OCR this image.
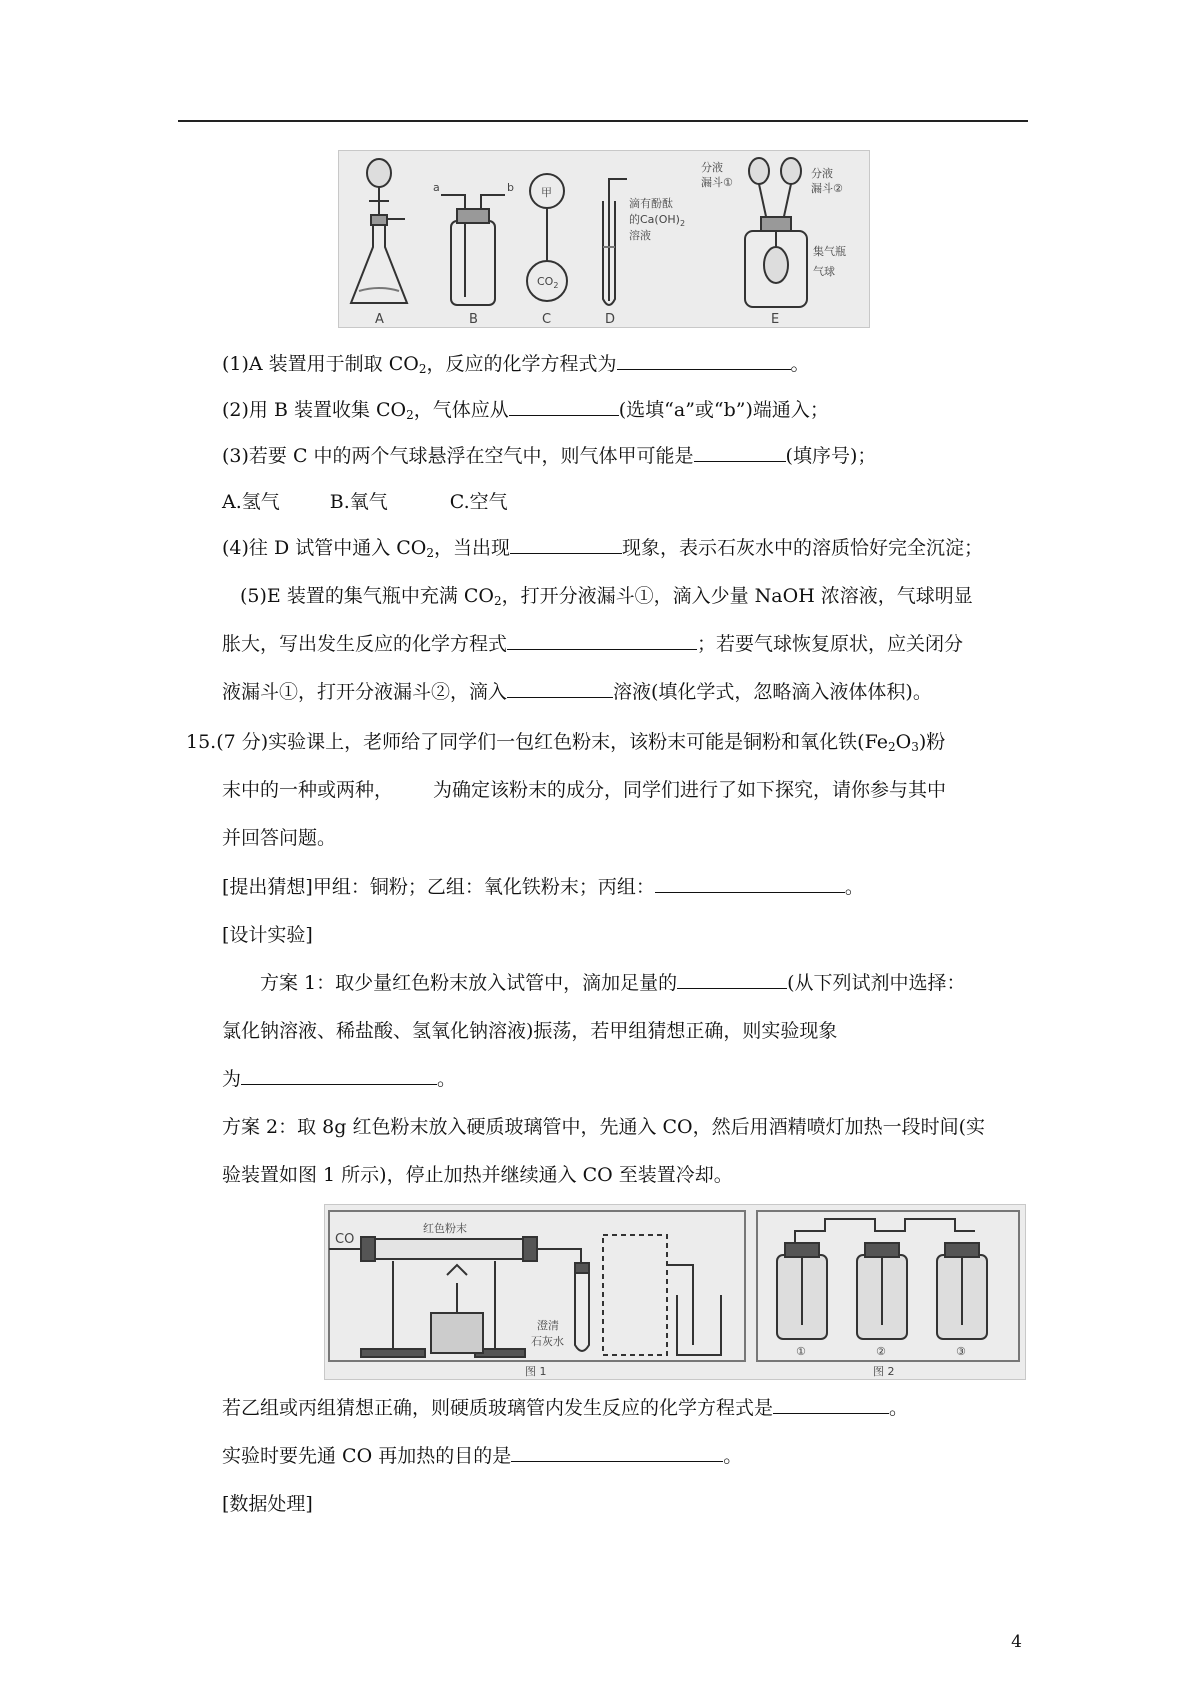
A	B	C	D	E
a	b 甲
$CO_2$
滴有酚酞
的$Ca(OH)_2$
溶液
分液
漏斗①
分液
漏斗②
集气瓶
气球
(1)A 装置用于制取 $CO_2$，反应的化学方程式为	。
(2)用 B 装置收集 $CO_2$，气体应从	(选填“a”或“b”)端通入；
(3)若要 C 中的两个气球悬浮在空气中，则气体甲可能是	(填序号)；
A.氢气	B.氧气	C.空气
(4)往 D 试管中通入 $CO_2$，当出现	现象，表示石灰水中的溶质恰好完全沉淀；
(5)E 装置的集气瓶中充满 $CO_2$，打开分液漏斗①，滴入少量 NaOH 浓溶液，气球明显
胀大，写出发生反应的化学方程式	；若要气球恢复原状，应关闭分
液漏斗①，打开分液漏斗②，滴入	溶液(填化学式，忽略滴入液体体积)。
15.(7 分)实验课上，老师给了同学们一包红色粉末，该粉末可能是铜粉和氧化铁$(Fe_2O_3)$粉
末中的一种或两种， 为确定该粉末的成分，同学们进行了如下探究，请你参与其中
并回答问题。
[提出猜想]甲组：铜粉；乙组：氧化铁粉末；丙组：	。
[设计实验]
方案 1：取少量红色粉末放入试管中，滴加足量的	(从下列试剂中选择：
氯化钠溶液、稀盐酸、氢氧化钠溶液)振荡，若甲组猜想正确，则实验现象
为	。
方案 2：取 8g 红色粉末放入硬质玻璃管中，先通入 CO，然后用酒精喷灯加热一段时间(实
验装置如图 1 所示)，停止加热并继续通入 CO 至装置冷却。
CO
红色粉末
澄清
石灰水
图 1	图 2
①	②	③
若乙组或丙组猜想正确，则硬质玻璃管内发生反应的化学方程式是	。
实验时要先通 CO 再加热的目的是	。
[数据处理]
4
